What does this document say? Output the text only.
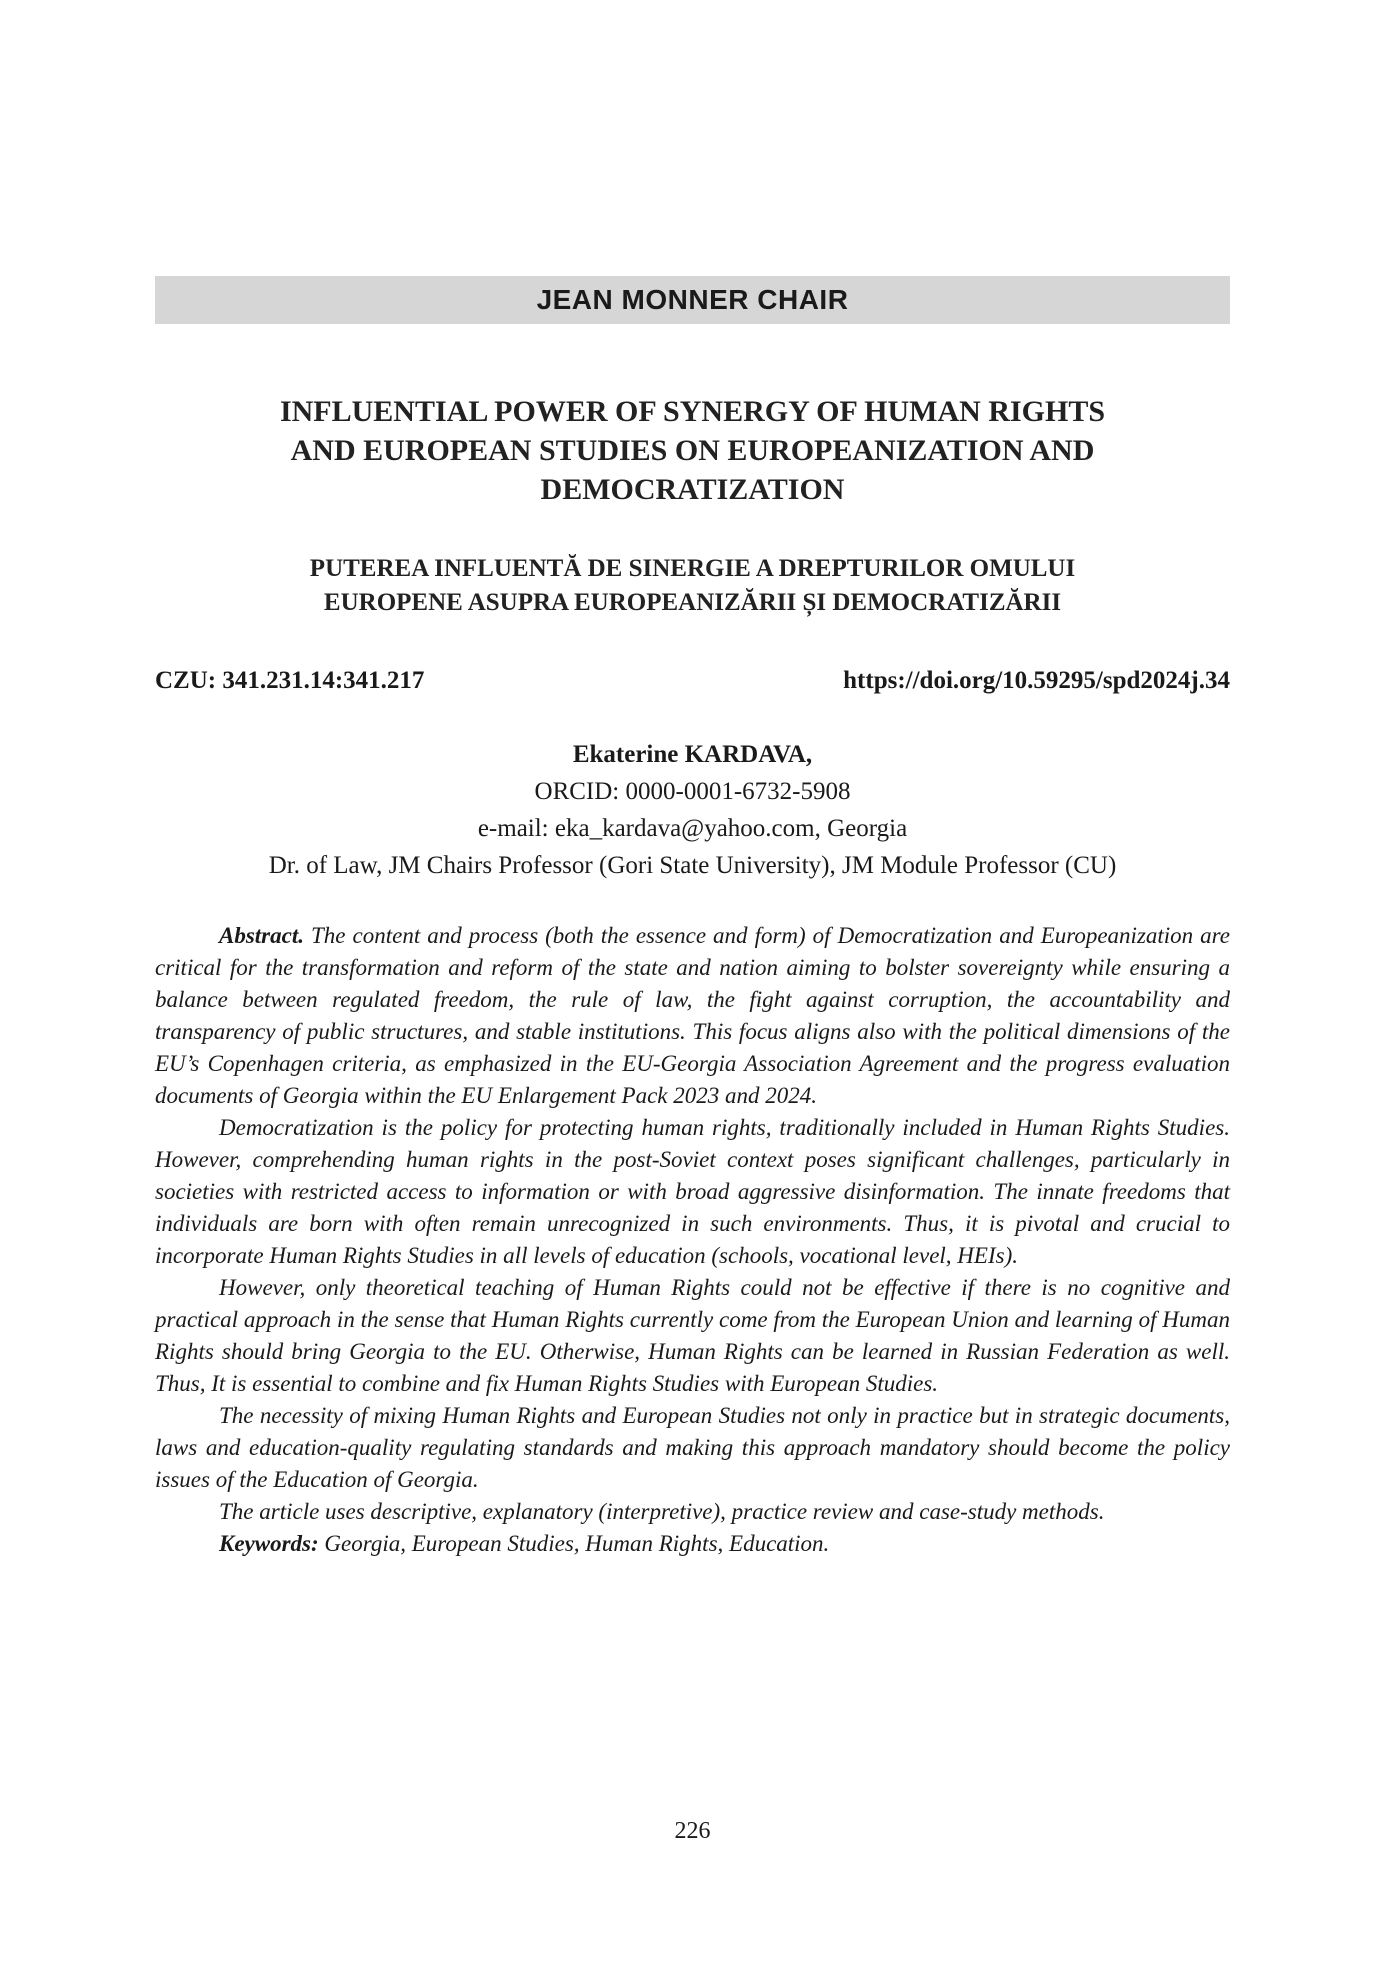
JEAN MONNER CHAIR
INFLUENTIAL POWER OF SYNERGY OF HUMAN RIGHTS
AND EUROPEAN STUDIES ON EUROPEANIZATION AND
DEMOCRATIZATION
PUTEREA INFLUENTĂ DE SINERGIE A DREPTURILOR OMULUI
EUROPENE ASUPRA EUROPEANIZĂRII ȘI DEMOCRATIZĂRII
CZU: 341.231.14:341.217	https://doi.org/10.59295/spd2024j.34
Ekaterine KARDAVA,
ORCID: 0000-0001-6732-5908
e-mail: eka_kardava@yahoo.com, Georgia
Dr. of Law, JM Chairs Professor (Gori State University), JM Module Professor (CU)

Abstract. The content and process (both the essence and form) of Democratization and Europeanization are critical for the transformation and reform of the state and nation aiming to bolster sovereignty while ensuring a balance between regulated freedom, the rule of law, the fight against corruption, the accountability and transparency of public structures, and stable institutions. This focus aligns also with the political dimensions of the EU’s Copenhagen criteria, as emphasized in the EU-Georgia Association Agreement and the progress evaluation documents of Georgia within the EU Enlargement Pack 2023 and 2024.

Democratization is the policy for protecting human rights, traditionally included in Human Rights Studies. However, comprehending human rights in the post-Soviet context poses significant challenges, particularly in societies with restricted access to information or with broad aggressive disinformation. The innate freedoms that individuals are born with often remain unrecognized in such environments. Thus, it is pivotal and crucial to incorporate Human Rights Studies in all levels of education (schools, vocational level, HEIs).

However, only theoretical teaching of Human Rights could not be effective if there is no cognitive and practical approach in the sense that Human Rights currently come from the European Union and learning of Human Rights should bring Georgia to the EU. Otherwise, Human Rights can be learned in Russian Federation as well. Thus, It is essential to combine and fix Human Rights Studies with European Studies.

The necessity of mixing Human Rights and European Studies not only in practice but in strategic documents, laws and education-quality regulating standards and making this approach mandatory should become the policy issues of the Education of Georgia.

The article uses descriptive, explanatory (interpretive), practice review and case-study methods.

Keywords: Georgia, European Studies, Human Rights, Education.

226
